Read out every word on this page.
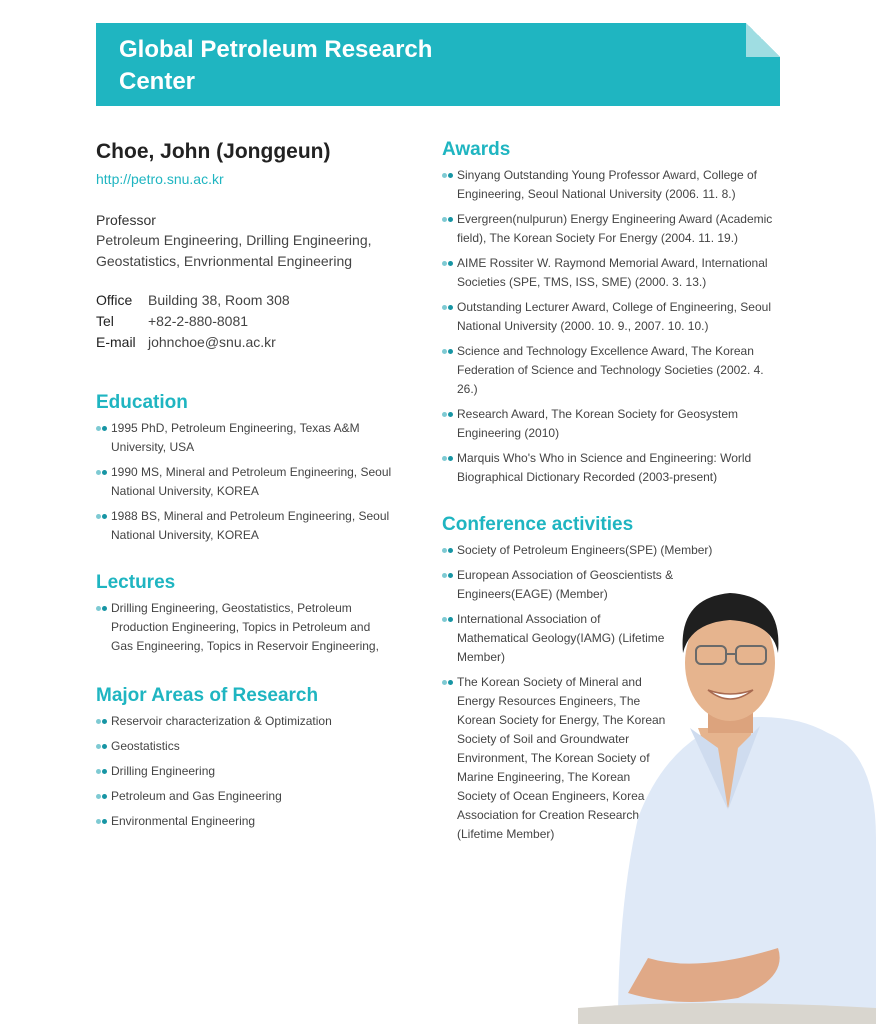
Global Petroleum Research Center
Choe, John (Jonggeun)
http://petro.snu.ac.kr
Professor
Petroleum Engineering, Drilling Engineering, Geostatistics, Envrionmental Engineering
Office	Building 38, Room 308
Tel	+82-2-880-8081
E-mail johnchoe@snu.ac.kr
Education
1995 PhD, Petroleum Engineering, Texas A&M University, USA
1990 MS, Mineral and Petroleum Engineering, Seoul National University, KOREA
1988 BS, Mineral and Petroleum Engineering, Seoul National University, KOREA
Lectures
Drilling Engineering, Geostatistics, Petroleum Production Engineering, Topics in Petroleum and Gas Engineering, Topics in Reservoir Engineering,
Major Areas of Research
Reservoir characterization & Optimization
Geostatistics
Drilling Engineering
Petroleum and Gas Engineering
Environmental Engineering
Awards
Sinyang Outstanding Young Professor Award, College of Engineering, Seoul National University (2006. 11. 8.)
Evergreen(nulpurun) Energy Engineering Award (Academic field), The Korean Society For Energy (2004. 11. 19.)
AIME Rossiter W. Raymond Memorial Award, International Societies (SPE, TMS, ISS, SME) (2000. 3. 13.)
Outstanding Lecturer Award, College of Engineering, Seoul National University (2000. 10. 9., 2007. 10. 10.)
Science and Technology Excellence Award, The Korean Federation of Science and Technology Societies (2002. 4. 26.)
Research Award, The Korean Society for Geosystem Engineering (2010)
Marquis Who's Who in Science and Engineering: World Biographical Dictionary Recorded (2003-present)
Conference activities
Society of Petroleum Engineers(SPE) (Member)
European Association of Geoscientists & Engineers(EAGE) (Member)
International Association of Mathematical Geology(IAMG) (Lifetime Member)
The Korean Society of Mineral and Energy Resources Engineers, The Korean Society for Energy, The Korean Society of Soil and Groundwater Environment, The Korean Society of Marine Engineering, The Korean Society of Ocean Engineers, Korea Association for Creation Research (Lifetime Member)
